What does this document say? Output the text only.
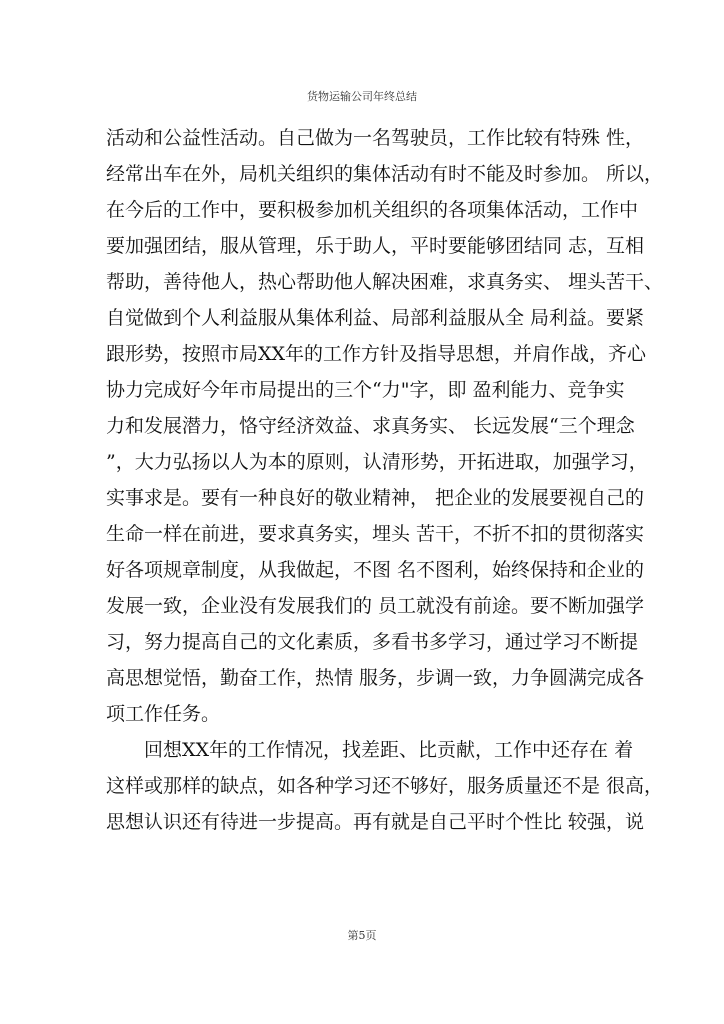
货物运输公司年终总结
活动和公益性活动。自己做为一名驾驶员，工作比较有特殊 性，
经常出车在外，局机关组织的集体活动有时不能及时参加。 所以，
在今后的工作中，要积极参加机关组织的各项集体活动，工作中
要加强团结，服从管理，乐于助人，平时要能够团结同 志，互相
帮助，善待他人，热心帮助他人解决困难，求真务实、 埋头苦干、
自觉做到个人利益服从集体利益、局部利益服从全 局利益。要紧
跟形势，按照市局XX年的工作方针及指导思想，并肩作战，齐心
协力完成好今年市局提出的三个“力"字，即 盈利能力、竞争实
力和发展潜力，恪守经济效益、求真务实、 长远发展“三个理念
”，大力弘扬以人为本的原则，认清形势，开拓进取，加强学习，
实事求是。要有一种良好的敬业精神， 把企业的发展要视自己的
生命一样在前进，要求真务实，埋头 苦干，不折不扣的贯彻落实
好各项规章制度，从我做起，不图 名不图利，始终保持和企业的
发展一致，企业没有发展我们的 员工就没有前途。要不断加强学
习，努力提高自己的文化素质，多看书多学习，通过学习不断提
高思想觉悟，勤奋工作，热情 服务，步调一致，力争圆满完成各
项工作任务。
回想XX年的工作情况，找差距、比贡献，工作中还存在 着
这样或那样的缺点，如各种学习还不够好，服务质量还不是 很高，
思想认识还有待进一步提高。再有就是自己平时个性比 较强，说
第5页
